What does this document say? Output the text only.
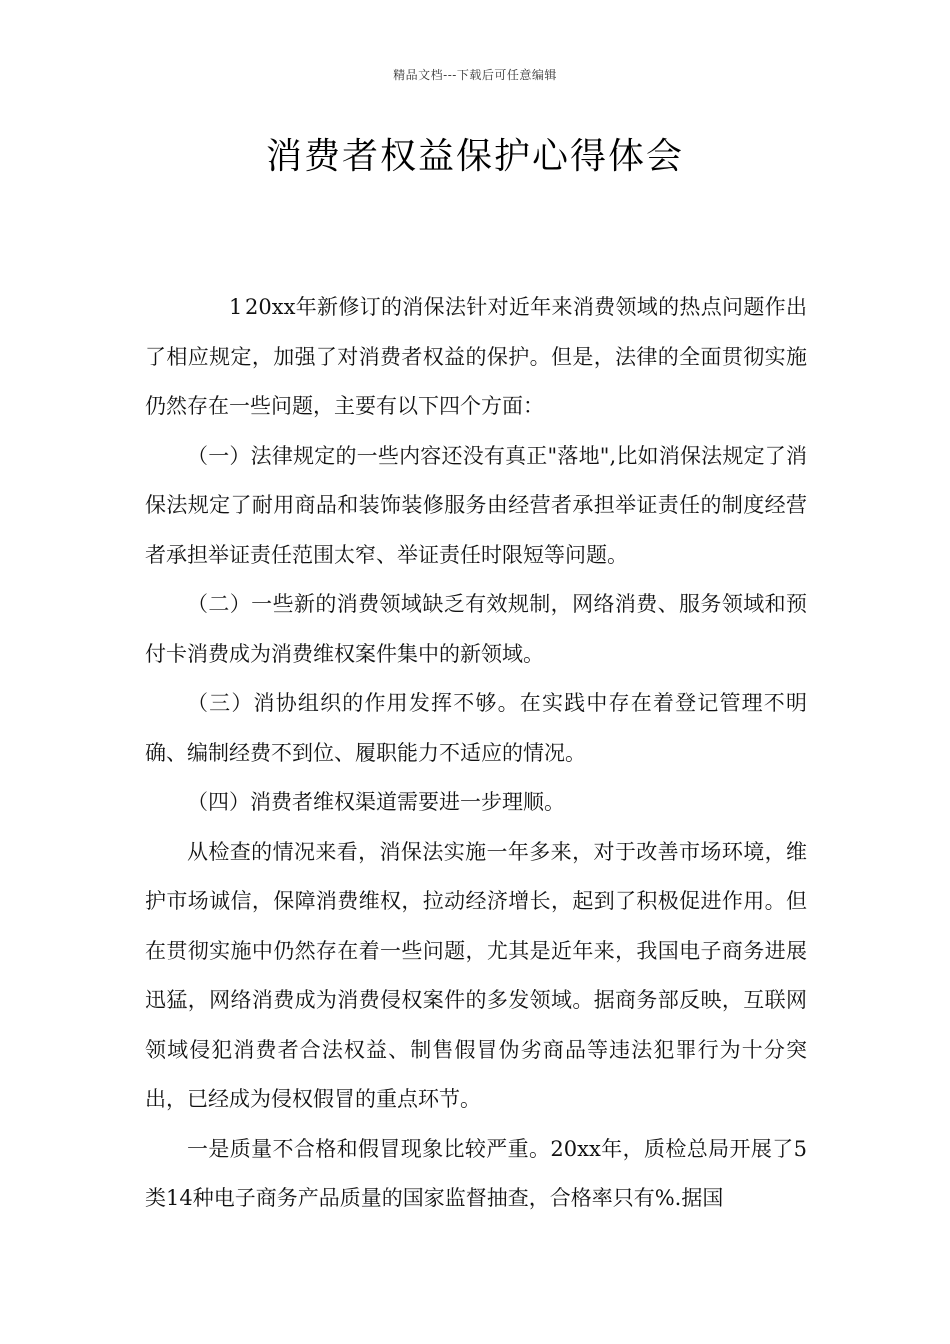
精品文档---下载后可任意编辑
消费者权益保护心得体会

1 20xx年新修订的消保法针对近年来消费领域的热点问题作出了相应规定，加强了对消费者权益的保护。但是，法律的全面贯彻实施仍然存在一些问题，主要有以下四个方面：

（一）法律规定的一些内容还没有真正"落地",比如消保法规定了消保法规定了耐用商品和装饰装修服务由经营者承担举证责任的制度经营者承担举证责任范围太窄、举证责任时限短等问题。

（二）一些新的消费领域缺乏有效规制，网络消费、服务领域和预付卡消费成为消费维权案件集中的新领域。

（三）消协组织的作用发挥不够。在实践中存在着登记管理不明确、编制经费不到位、履职能力不适应的情况。

（四）消费者维权渠道需要进一步理顺。

从检查的情况来看，消保法实施一年多来，对于改善市场环境，维护市场诚信，保障消费维权，拉动经济增长，起到了积极促进作用。但在贯彻实施中仍然存在着一些问题，尤其是近年来，我国电子商务进展迅猛，网络消费成为消费侵权案件的多发领域。据商务部反映，互联网领域侵犯消费者合法权益、制售假冒伪劣商品等违法犯罪行为十分突出，已经成为侵权假冒的重点环节。

一是质量不合格和假冒现象比较严重。20xx年，质检总局开展了5类14种电子商务产品质量的国家监督抽查，合格率只有%.据国
